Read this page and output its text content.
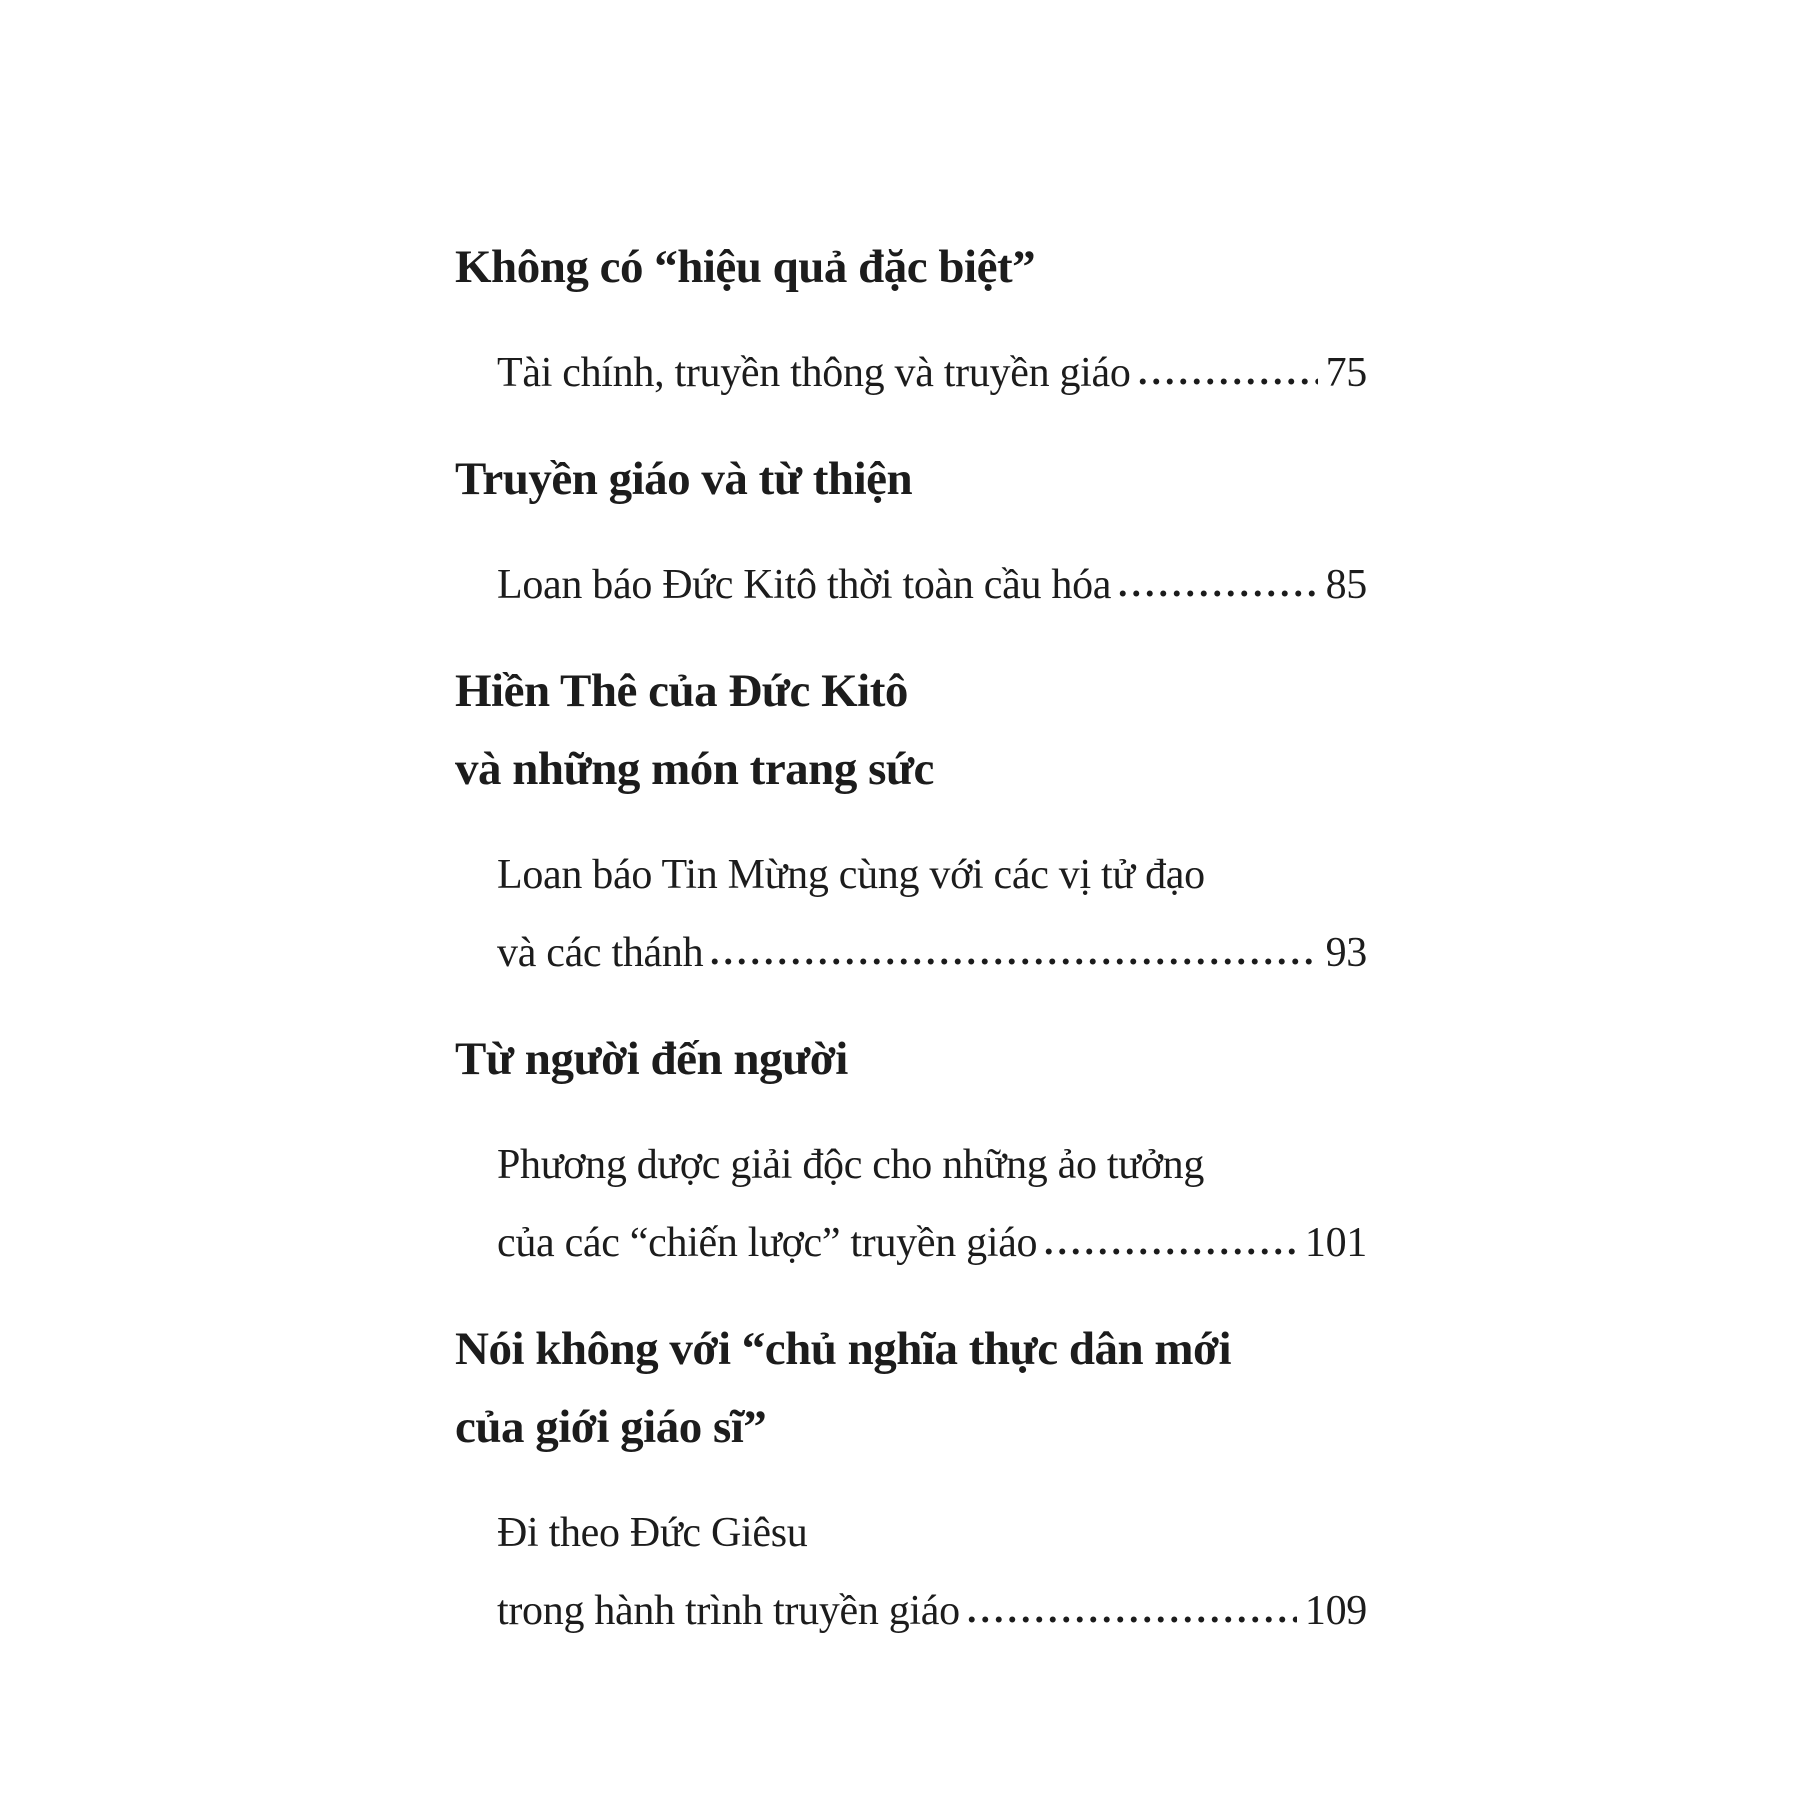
Không có “hiệu quả đặc biệt”
Tài chính, truyền thông và truyền giáo	75
Truyền giáo và từ thiện
Loan báo Đức Kitô thời toàn cầu hóa	85
Hiền Thê của Đức Kitô
và những món trang sức
Loan báo Tin Mừng cùng với các vị tử đạo
và các thánh	93
Từ người đến người
Phương dược giải độc cho những ảo tưởng
của các “chiến lược” truyền giáo	101
Nói không với “chủ nghĩa thực dân mới
của giới giáo sĩ”
Đi theo Đức Giêsu
trong hành trình truyền giáo	109
